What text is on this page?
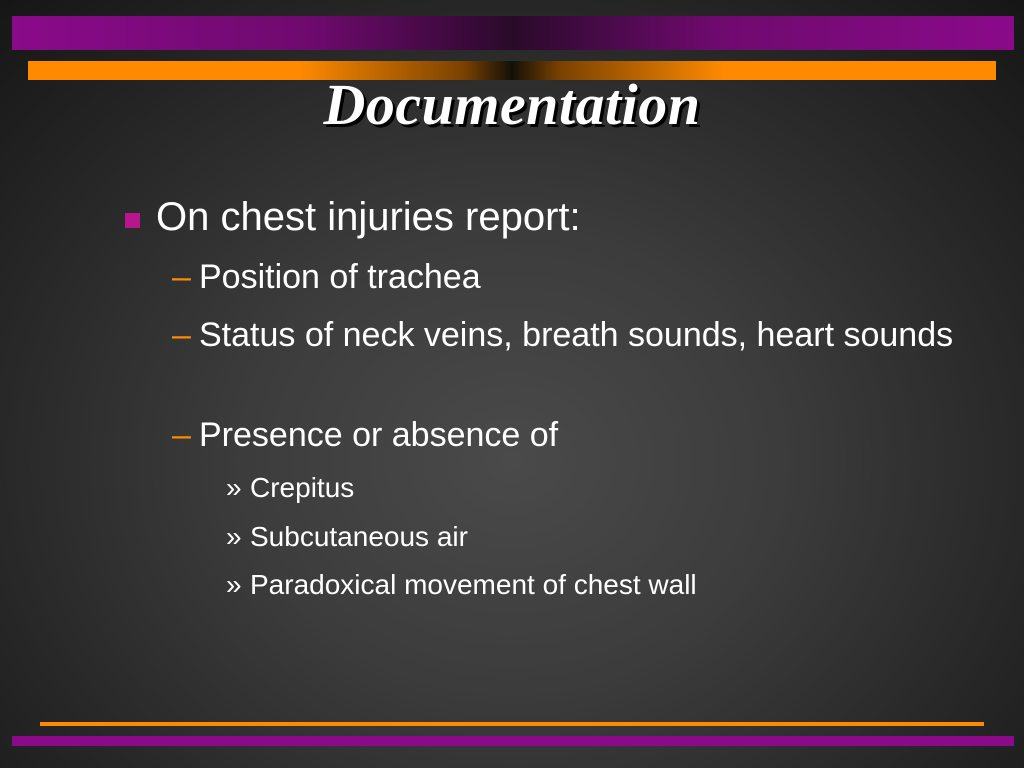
Documentation
On chest injuries report:
– Position of trachea
– Status of neck veins, breath sounds, heart sounds
– Presence or absence of
» Crepitus
» Subcutaneous air
» Paradoxical movement of chest wall
